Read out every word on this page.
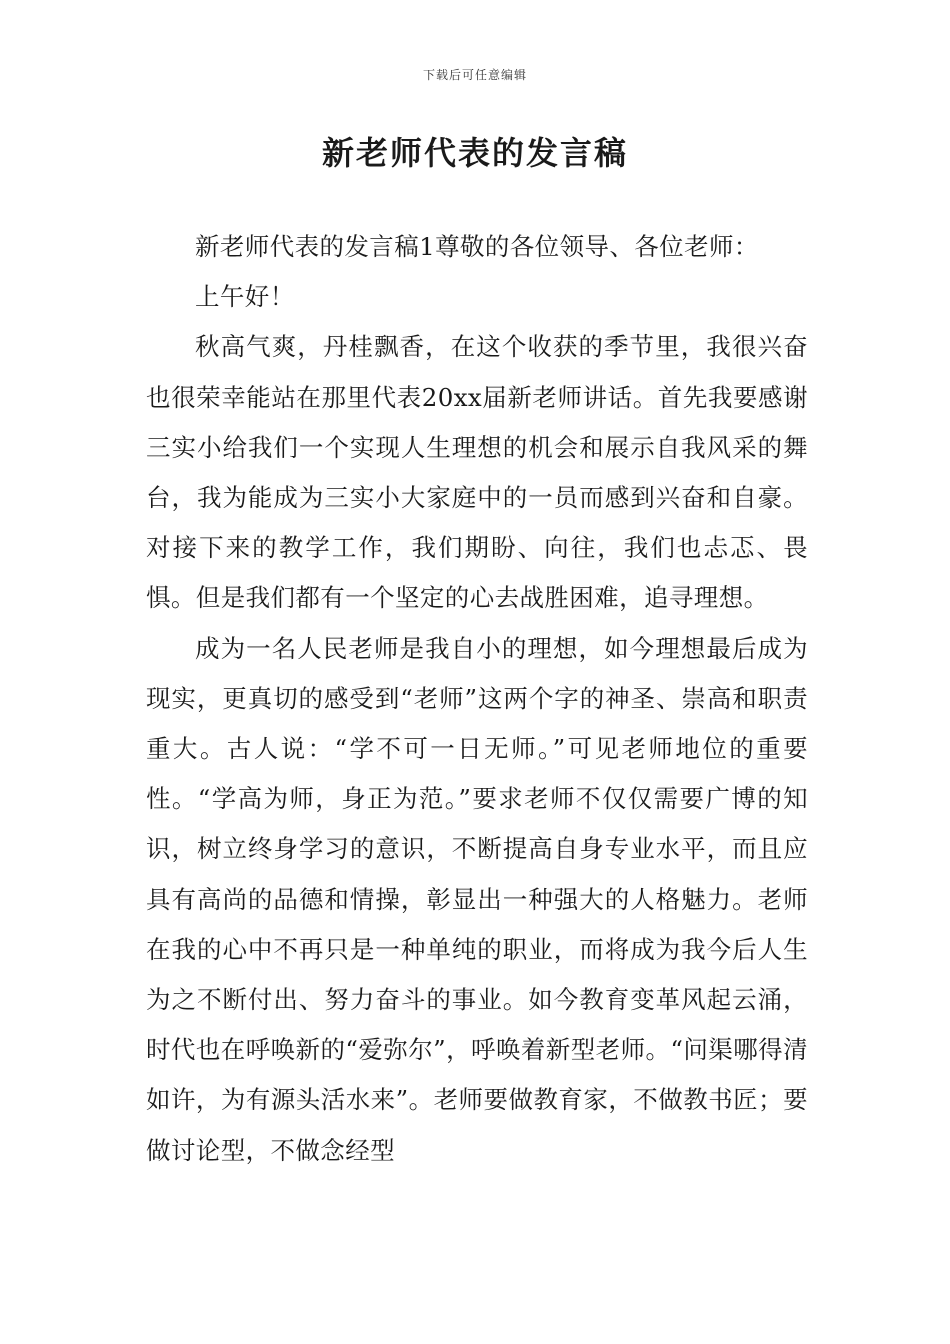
下载后可任意编辑
新老师代表的发言稿

新老师代表的发言稿1尊敬的各位领导、各位老师：

上午好！

秋高气爽，丹桂飘香，在这个收获的季节里，我很兴奋也很荣幸能站在那里代表20xx届新老师讲话。首先我要感谢三实小给我们一个实现人生理想的机会和展示自我风采的舞台，我为能成为三实小大家庭中的一员而感到兴奋和自豪。对接下来的教学工作，我们期盼、向往，我们也忐忑、畏惧。但是我们都有一个坚定的心去战胜困难，追寻理想。

成为一名人民老师是我自小的理想，如今理想最后成为现实，更真切的感受到“老师”这两个字的神圣、崇高和职责重大。古人说：“学不可一日无师。”可见老师地位的重要性。“学高为师，身正为范。”要求老师不仅仅需要广博的知识，树立终身学习的意识，不断提高自身专业水平，而且应具有高尚的品德和情操，彰显出一种强大的人格魅力。老师在我的心中不再只是一种单纯的职业，而将成为我今后人生为之不断付出、努力奋斗的事业。如今教育变革风起云涌，时代也在呼唤新的“爱弥尔”，呼唤着新型老师。“问渠哪得清如许，为有源头活水来”。老师要做教育家，不做教书匠；要做讨论型，不做念经型
